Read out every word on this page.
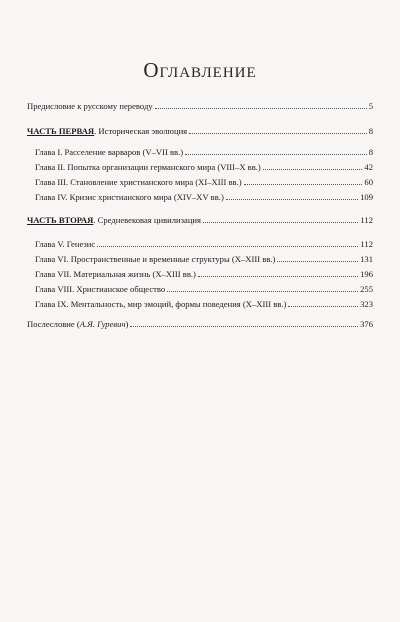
Оглавление
Предисловие к русскому переводу	5
ЧАСТЬ ПЕРВАЯ. Историческая эволюция	8
Глава I. Расселение варваров (V–VII вв.)	8
Глава II. Попытка организации германского мира (VIII–X вв.)	42
Глава III. Становление христианского мира (XI–XIII вв.)	60
Глава IV. Кризис христианского мира (XIV–XV вв.)	109
ЧАСТЬ ВТОРАЯ. Средневековая цивилизация	112
Глава V. Генезис	112
Глава VI. Пространственные и временные структуры (X–XIII вв.)	131
Глава VII. Материальная жизнь (X–XIII вв.)	196
Глава VIII. Христианское общество	255
Глава IX. Ментальность, мир эмоций, формы поведения (X–XIII вв.)	323
Послесловие (А.Я. Гуревич)	376
